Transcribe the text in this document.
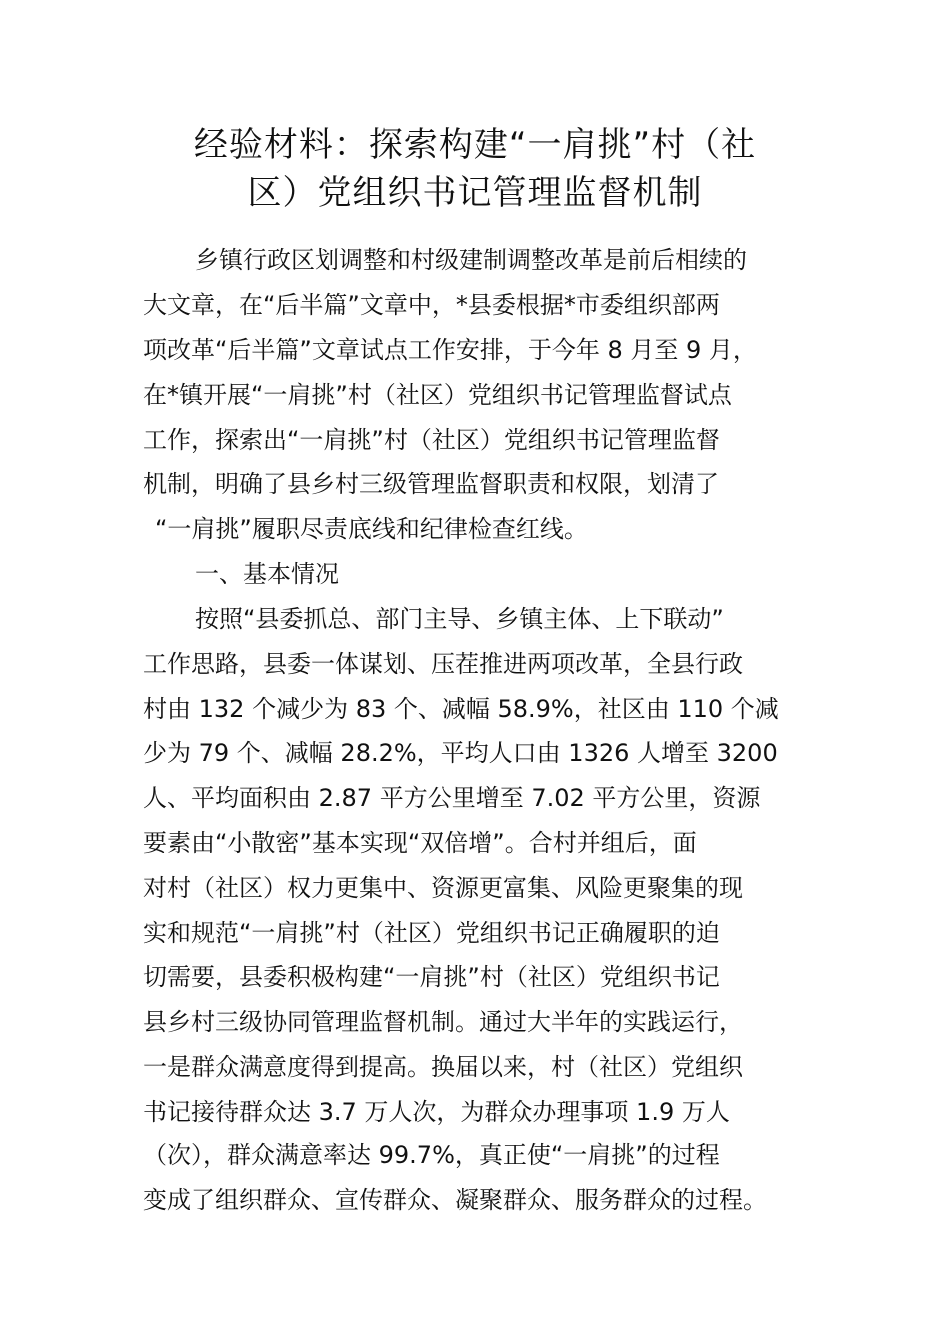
经验材料：探索构建“一肩挑”村（社
区）党组织书记管理监督机制
乡镇行政区划调整和村级建制调整改革是前后相续的
大文章，在“后半篇”文章中，*县委根据*市委组织部两
项改革“后半篇”文章试点工作安排，于今年 8 月至 9 月，
在*镇开展“一肩挑”村（社区）党组织书记管理监督试点
工作，探索出“一肩挑”村（社区）党组织书记管理监督
机制，明确了县乡村三级管理监督职责和权限，划清了
“一肩挑”履职尽责底线和纪律检查红线。
一、基本情况
按照“县委抓总、部门主导、乡镇主体、上下联动”
工作思路，县委一体谋划、压茬推进两项改革，全县行政
村由 132 个减少为 83 个、减幅 58.9%，社区由 110 个减
少为 79 个、减幅 28.2%，平均人口由 1326 人增至 3200
人、平均面积由 2.87 平方公里增至 7.02 平方公里，资源
要素由“小散密”基本实现“双倍增”。合村并组后，面
对村（社区）权力更集中、资源更富集、风险更聚集的现
实和规范“一肩挑”村（社区）党组织书记正确履职的迫
切需要，县委积极构建“一肩挑”村（社区）党组织书记
县乡村三级协同管理监督机制。通过大半年的实践运行，
一是群众满意度得到提高。换届以来，村（社区）党组织
书记接待群众达 3.7 万人次，为群众办理事项 1.9 万人
（次），群众满意率达 99.7%，真正使“一肩挑”的过程
变成了组织群众、宣传群众、凝聚群众、服务群众的过程。
